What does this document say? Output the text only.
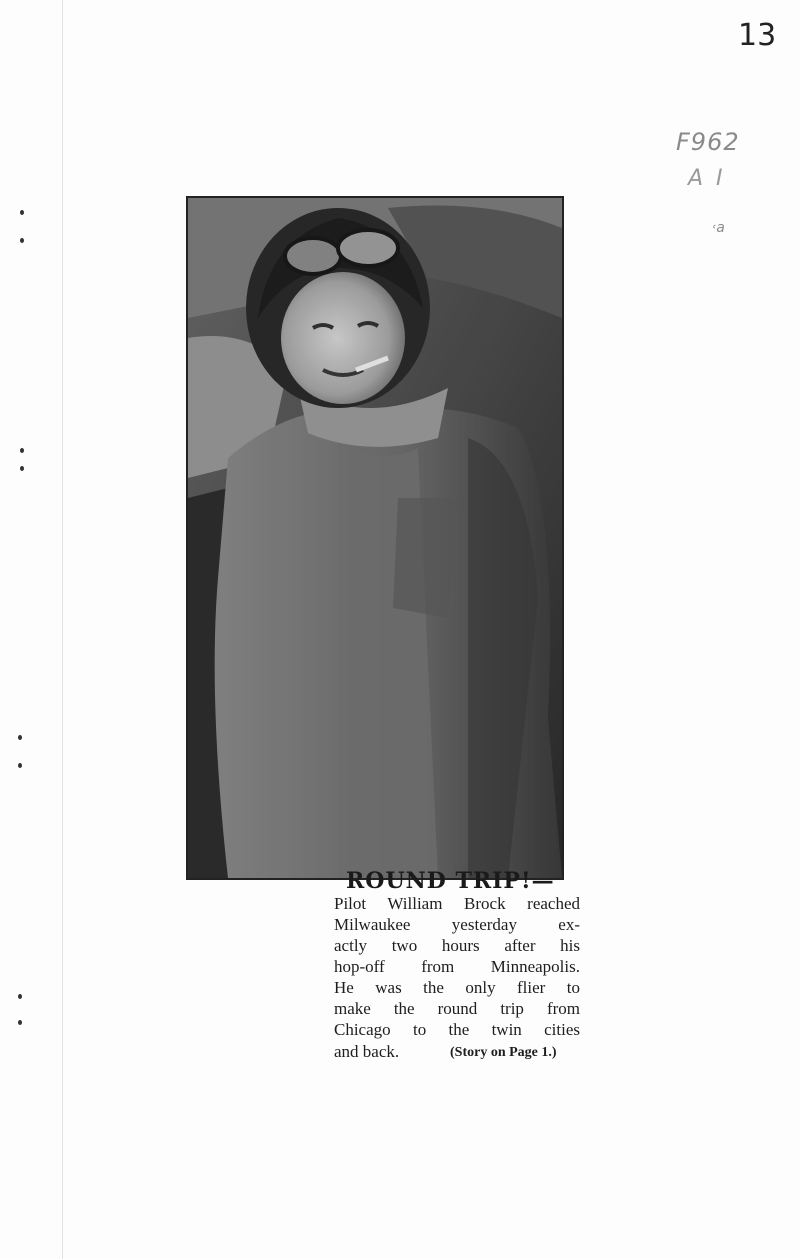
13
F962
A I
˓a
ROUND TRIP!—
Pilot William Brock reached
Milwaukee yesterday ex-
actly two hours after his
hop-off from Minneapolis.
He was the only flier to
make the round trip from
Chicago to the twin cities
and back.	(Story on Page 1.)
